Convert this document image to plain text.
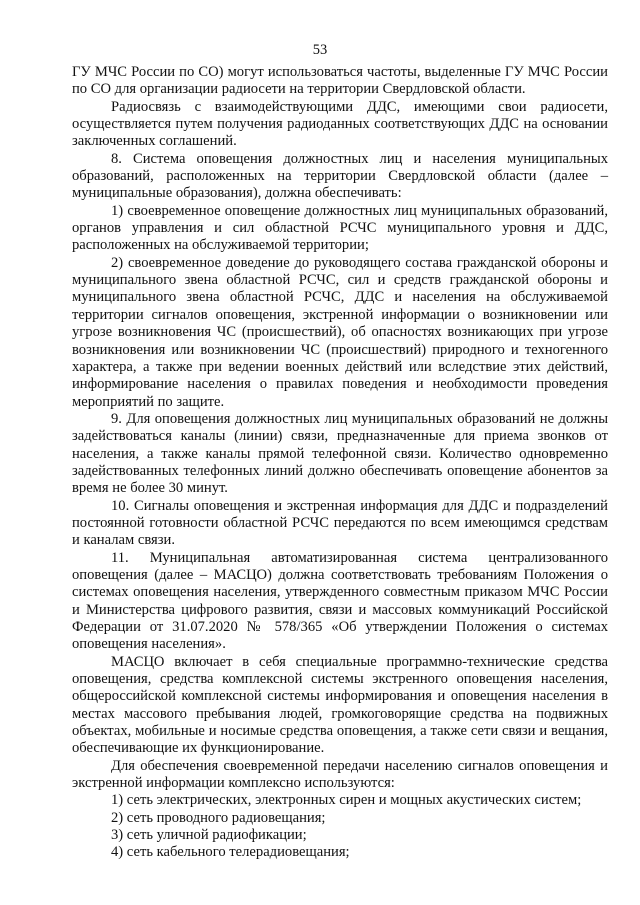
53

ГУ МЧС России по СО) могут использоваться частоты, выделенные ГУ МЧС России по СО для организации радиосети на территории Свердловской области.

Радиосвязь с взаимодействующими ДДС, имеющими свои радиосети, осуществляется путем получения радиоданных соответствующих ДДС на основании заключенных соглашений.

8. Система оповещения должностных лиц и населения муниципальных образований, расположенных на территории Свердловской области (далее – муниципальные образования), должна обеспечивать:

1) своевременное оповещение должностных лиц муниципальных образований, органов управления и сил областной РСЧС муниципального уровня и ДДС, расположенных на обслуживаемой территории;

2) своевременное доведение до руководящего состава гражданской обороны и муниципального звена областной РСЧС, сил и средств гражданской обороны и муниципального звена областной РСЧС, ДДС и населения на обслуживаемой территории сигналов оповещения, экстренной информации о возникновении или угрозе возникновения ЧС (происшествий), об опасностях возникающих при угрозе возникновения или возникновении ЧС (происшествий) природного и техногенного характера, а также при ведении военных действий или вследствие этих действий, информирование населения о правилах поведения и необходимости проведения мероприятий по защите.

9. Для оповещения должностных лиц муниципальных образований не должны задействоваться каналы (линии) связи, предназначенные для приема звонков от населения, а также каналы прямой телефонной связи. Количество одновременно задействованных телефонных линий должно обеспечивать оповещение абонентов за время не более 30 минут.

10. Сигналы оповещения и экстренная информация для ДДС и подразделений постоянной готовности областной РСЧС передаются по всем имеющимся средствам и каналам связи.

11. Муниципальная автоматизированная система централизованного оповещения (далее – МАСЦО) должна соответствовать требованиям Положения о системах оповещения населения, утвержденного совместным приказом МЧС России и Министерства цифрового развития, связи и массовых коммуникаций Российской Федерации от 31.07.2020 № 578/365 «Об утверждении Положения о системах оповещения населения».

МАСЦО включает в себя специальные программно-технические средства оповещения, средства комплексной системы экстренного оповещения населения, общероссийской комплексной системы информирования и оповещения населения в местах массового пребывания людей, громкоговорящие средства на подвижных объектах, мобильные и носимые средства оповещения, а также сети связи и вещания, обеспечивающие их функционирование.

Для обеспечения своевременной передачи населению сигналов оповещения и экстренной информации комплексно используются:

1) сеть электрических, электронных сирен и мощных акустических систем;

2) сеть проводного радиовещания;

3) сеть уличной радиофикации;

4) сеть кабельного телерадиовещания;
